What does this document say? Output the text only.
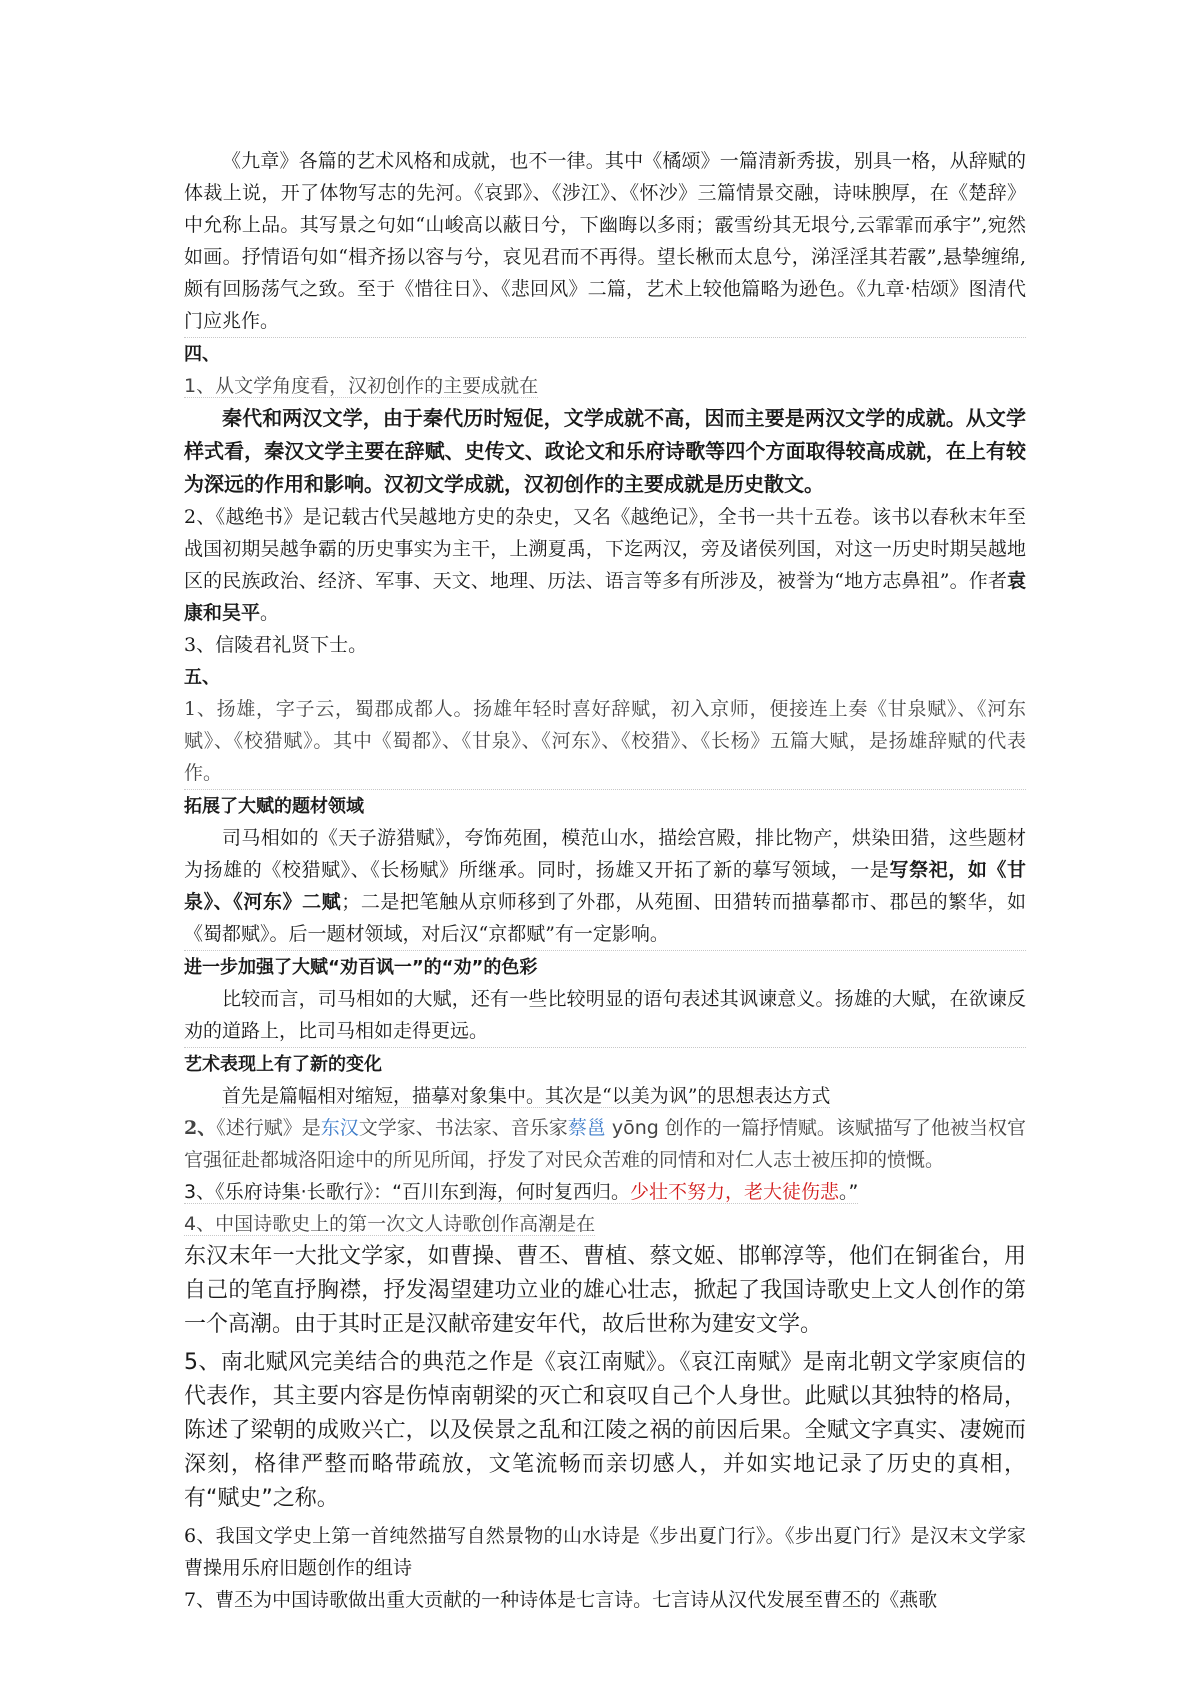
《九章》各篇的艺术风格和成就，也不一律。其中《橘颂》一篇清新秀拔，别具一格，从辞赋的体裁上说，开了体物写志的先河。《哀郢》、《涉江》、《怀沙》三篇情景交融，诗味腴厚，在《楚辞》中允称上品。其写景之句如“山峻高以蔽日兮，下幽晦以多雨；霰雪纷其无垠兮,云霏霏而承宇”,宛然如画。抒情语句如“楫齐扬以容与兮，哀见君而不再得。望长楸而太息兮，涕淫淫其若霰”,悬挚缠绵,颇有回肠荡气之致。至于《惜往日》、《悲回风》二篇，艺术上较他篇略为逊色。《九章·桔颂》图清代门应兆作。

四、

1、从文学角度看，汉初创作的主要成就在

秦代和两汉文学，由于秦代历时短促，文学成就不高，因而主要是两汉文学的成就。从文学样式看，秦汉文学主要在辞赋、史传文、政论文和乐府诗歌等四个方面取得较高成就，在上有较为深远的作用和影响。汉初文学成就，汉初创作的主要成就是历史散文。

2、《越绝书》是记载古代吴越地方史的杂史，又名《越绝记》，全书一共十五卷。该书以春秋末年至战国初期吴越争霸的历史事实为主干，上溯夏禹，下迄两汉，旁及诸侯列国，对这一历史时期吴越地区的民族政治、经济、军事、天文、地理、历法、语言等多有所涉及，被誉为“地方志鼻祖”。作者袁康和吴平。

3、信陵君礼贤下士。

五、

1、扬雄，字子云，蜀郡成都人。扬雄年轻时喜好辞赋，初入京师，便接连上奏《甘泉赋》、《河东赋》、《校猎赋》。其中《蜀都》、《甘泉》、《河东》、《校猎》、《长杨》五篇大赋，是扬雄辞赋的代表作。

拓展了大赋的题材领域

司马相如的《天子游猎赋》，夸饰苑囿，模范山水，描绘宫殿，排比物产，烘染田猎，这些题材为扬雄的《校猎赋》、《长杨赋》所继承。同时，扬雄又开拓了新的摹写领域，一是写祭祀，如《甘泉》、《河东》二赋；二是把笔触从京师移到了外郡，从苑囿、田猎转而描摹都市、郡邑的繁华，如《蜀都赋》。后一题材领域，对后汉“京都赋”有一定影响。

进一步加强了大赋“劝百讽一”的“劝”的色彩

比较而言，司马相如的大赋，还有一些比较明显的语句表述其讽谏意义。扬雄的大赋，在欲谏反劝的道路上，比司马相如走得更远。

艺术表现上有了新的变化

首先是篇幅相对缩短，描摹对象集中。其次是“以美为讽”的思想表达方式

2、《述行赋》是东汉文学家、书法家、音乐家蔡邕 yōng 创作的一篇抒情赋。该赋描写了他被当权官官强征赴都城洛阳途中的所见所闻，抒发了对民众苦难的同情和对仁人志士被压抑的愤慨。

3、《乐府诗集·长歌行》：“百川东到海，何时复西归。少壮不努力，老大徒伤悲。”

4、中国诗歌史上的第一次文人诗歌创作高潮是在

东汉末年一大批文学家，如曹操、曹丕、曹植、蔡文姬、邯郸淳等，他们在铜雀台，用自己的笔直抒胸襟，抒发渴望建功立业的雄心壮志，掀起了我国诗歌史上文人创作的第一个高潮。由于其时正是汉献帝建安年代，故后世称为建安文学。

5、南北赋风完美结合的典范之作是《哀江南赋》。《哀江南赋》是南北朝文学家庾信的代表作，其主要内容是伤悼南朝梁的灭亡和哀叹自己个人身世。此赋以其独特的格局，陈述了梁朝的成败兴亡，以及侯景之乱和江陵之祸的前因后果。全赋文字真实、凄婉而深刻，格律严整而略带疏放，文笔流畅而亲切感人，并如实地记录了历史的真相，有“赋史”之称。

6、我国文学史上第一首纯然描写自然景物的山水诗是《步出夏门行》。《步出夏门行》是汉末文学家曹操用乐府旧题创作的组诗

7、曹丕为中国诗歌做出重大贡献的一种诗体是七言诗。七言诗从汉代发展至曹丕的《燕歌
